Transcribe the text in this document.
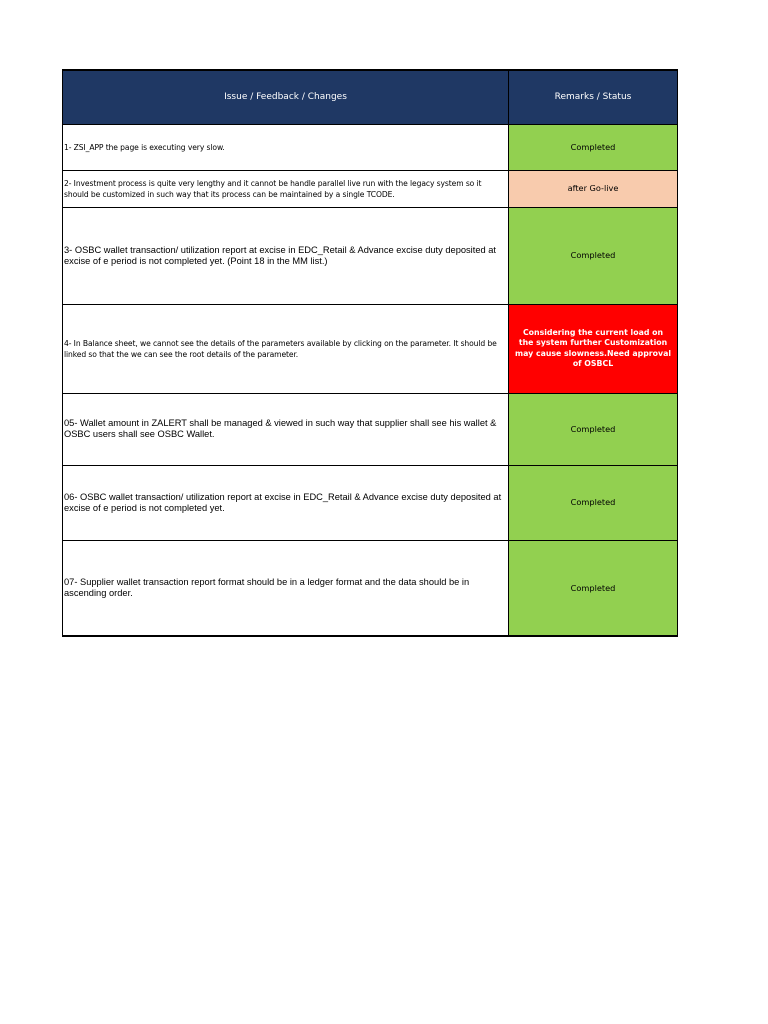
Issue / Feedback / Changes	Remarks / Status
1- ZSI_APP the page is executing very slow.	Completed
2- Investment process is quite very lengthy and it cannot be handle parallel live run with the legacy system so it should be customized in such way that its process can be maintained by a single TCODE.	after Go-live
3- OSBC wallet transaction/ utilization report at excise in EDC_Retail & Advance excise duty deposited at excise of e period is not completed yet. (Point 18 in the MM list.)	Completed
4- In Balance sheet, we cannot see the details of the parameters available by clicking on the parameter. It should be linked so that the we can see the root details of the parameter.	Considering the current load on the system further Customization may cause slowness.Need approval of OSBCL
05- Wallet amount in ZALERT shall be managed & viewed in such way that supplier shall see his wallet & OSBC users shall see OSBC Wallet.	Completed
06- OSBC wallet transaction/ utilization report at excise in EDC_Retail & Advance excise duty deposited at excise of e period is not completed yet.	Completed
07- Supplier wallet transaction report format should be in a ledger format and the data should be in ascending order.	Completed
